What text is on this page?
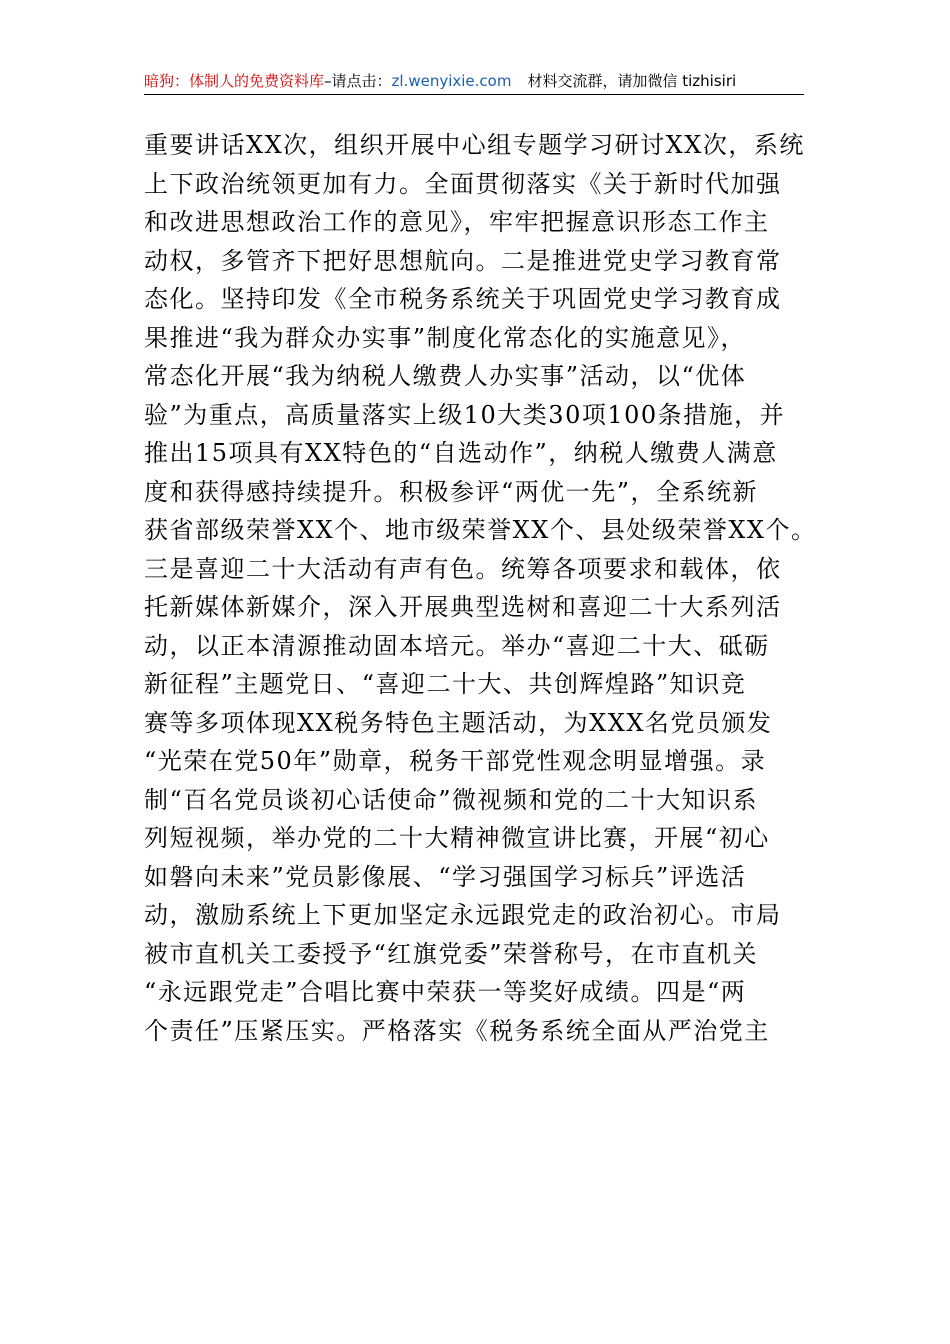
暗狗：体制人的免费资料库–请点击：zl.wenyixie.com 材料交流群，请加微信 tizhisiri
重要讲话XX次，组织开展中心组专题学习研讨XX次，系统
上下政治统领更加有力。全面贯彻落实《关于新时代加强
和改进思想政治工作的意见》，牢牢把握意识形态工作主
动权，多管齐下把好思想航向。二是推进党史学习教育常
态化。坚持印发《全市税务系统关于巩固党史学习教育成
果推进“我为群众办实事”制度化常态化的实施意见》，
常态化开展“我为纳税人缴费人办实事”活动，以“优体
验”为重点，高质量落实上级10大类30项100条措施，并
推出15项具有XX特色的“自选动作”，纳税人缴费人满意
度和获得感持续提升。积极参评“两优一先”，全系统新
获省部级荣誉XX个、地市级荣誉XX个、县处级荣誉XX个。
三是喜迎二十大活动有声有色。统筹各项要求和载体，依
托新媒体新媒介，深入开展典型选树和喜迎二十大系列活
动，以正本清源推动固本培元。举办“喜迎二十大、砥砺
新征程”主题党日、“喜迎二十大、共创辉煌路”知识竞
赛等多项体现XX税务特色主题活动，为XXX名党员颁发
“光荣在党50年”勋章，税务干部党性观念明显增强。录
制“百名党员谈初心话使命”微视频和党的二十大知识系
列短视频，举办党的二十大精神微宣讲比赛，开展“初心
如磐向未来”党员影像展、“学习强国学习标兵”评选活
动，激励系统上下更加坚定永远跟党走的政治初心。市局
被市直机关工委授予“红旗党委”荣誉称号，在市直机关
“永远跟党走”合唱比赛中荣获一等奖好成绩。四是“两
个责任”压紧压实。严格落实《税务系统全面从严治党主
